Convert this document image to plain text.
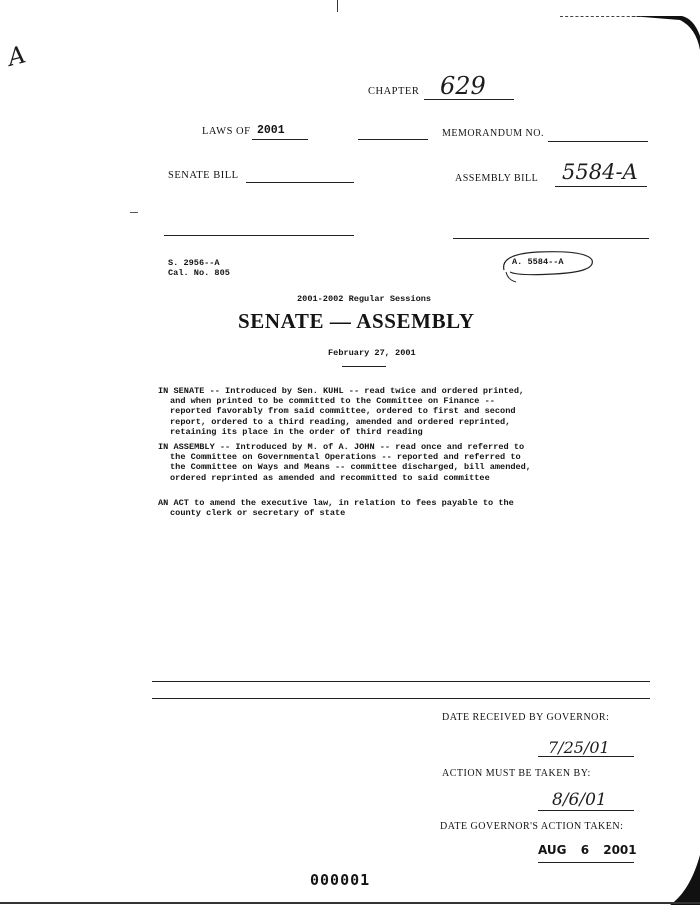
A
CHAPTER 629
LAWS OF 2001	MEMORANDUM NO.
SENATE BILL	ASSEMBLY BILL 5584-A
S. 2956--A
Cal. No. 805
A. 5584--A
2001-2002 Regular Sessions
SENATE — ASSEMBLY
February 27, 2001
IN SENATE -- Introduced by Sen. KUHL -- read twice and ordered printed,
and when printed to be committed to the Committee on Finance --
reported favorably from said committee, ordered to first and second
report, ordered to a third reading, amended and ordered reprinted,
retaining its place in the order of third reading
IN ASSEMBLY -- Introduced by M. of A. JOHN -- read once and referred to
the Committee on Governmental Operations -- reported and referred to
the Committee on Ways and Means -- committee discharged, bill amended,
ordered reprinted as amended and recommitted to said committee
AN ACT to amend the executive law, in relation to fees payable to the
county clerk or secretary of state
DATE RECEIVED BY GOVERNOR:
7/25/01
ACTION MUST BE TAKEN BY:
8/6/01
DATE GOVERNOR'S ACTION TAKEN:
AUG 6 2001
000001
